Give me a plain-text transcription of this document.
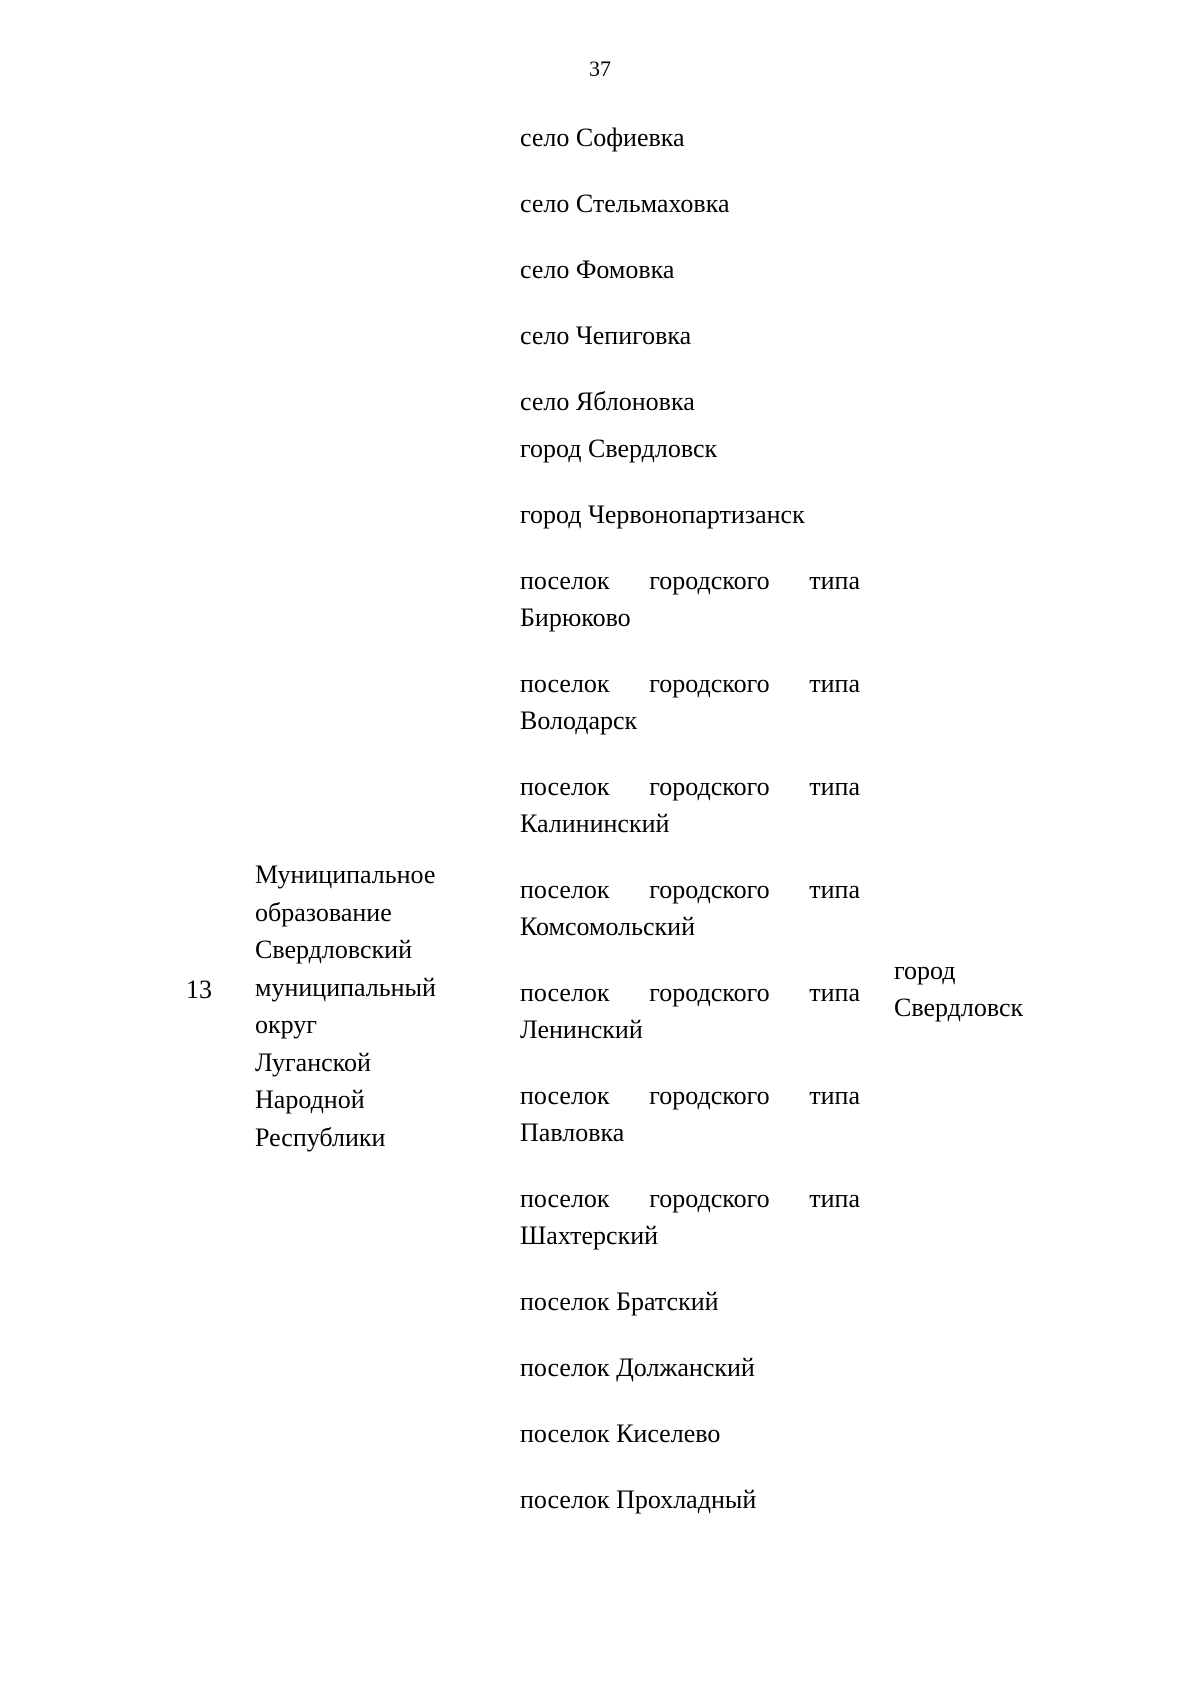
37
село Софиевка
село Стельмаховка
село Фомовка
село Чепиговка
село Яблоновка
город Свердловск
город Червонопартизанск
поселок городского типа
Бирюково
поселок городского типа
Володарск
поселок городского типа
Калининский
поселок городского типа
Комсомольский
поселок городского типа
Ленинский
поселок городского типа
Павловка
поселок городского типа
Шахтерский
поселок Братский
поселок Должанский
поселок Киселево
поселок Прохладный
13
Муниципальное
образование
Свердловский
муниципальный
округ
Луганской
Народной
Республики
город
Свердловск
